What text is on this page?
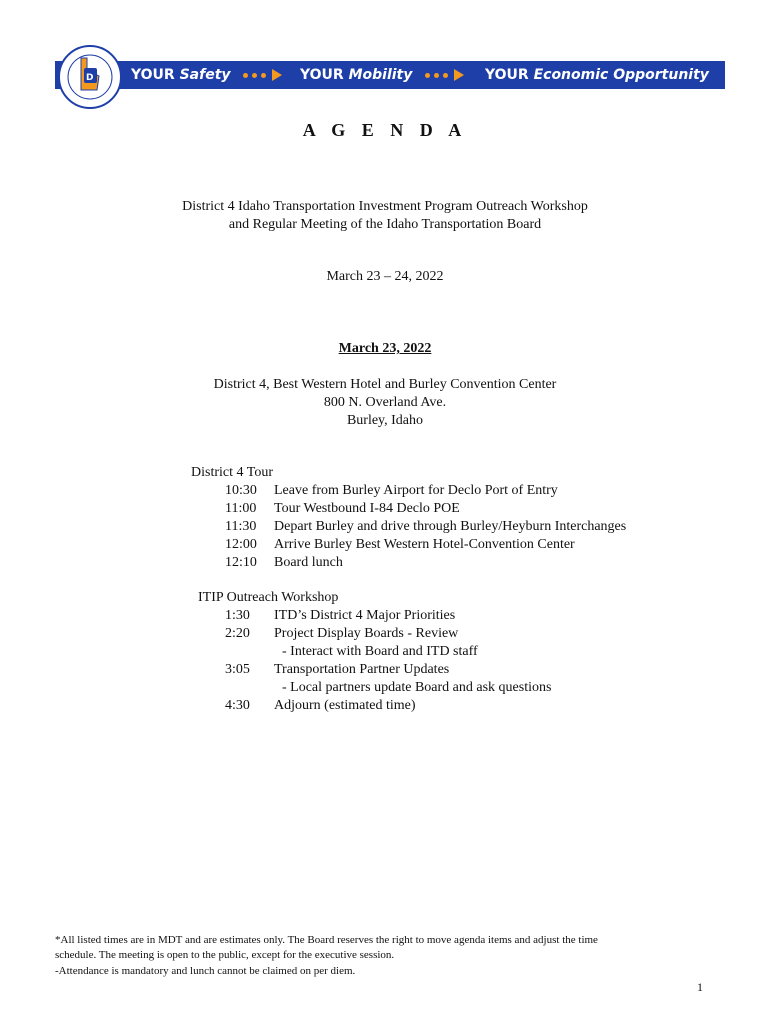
YOUR Safety	YOUR Mobility	YOUR Economic Opportunity
D
A G E N D A
District 4 Idaho Transportation Investment Program Outreach Workshop
and Regular Meeting of the Idaho Transportation Board
March 23 – 24, 2022
March 23, 2022
District 4, Best Western Hotel and Burley Convention Center
800 N. Overland Ave.
Burley, Idaho
District 4 Tour
10:30 Leave from Burley Airport for Declo Port of Entry
11:00 Tour Westbound I-84 Declo POE
11:30 Depart Burley and drive through Burley/Heyburn Interchanges
12:00 Arrive Burley Best Western Hotel-Convention Center
12:10 Board lunch
ITIP Outreach Workshop
1:30 ITD’s District 4 Major Priorities
2:20 Project Display Boards - Review
- Interact with Board and ITD staff
3:05 Transportation Partner Updates
- Local partners update Board and ask questions
4:30 Adjourn (estimated time)
*All listed times are in MDT and are estimates only. The Board reserves the right to move agenda items and adjust the time
schedule. The meeting is open to the public, except for the executive session.
-Attendance is mandatory and lunch cannot be claimed on per diem.
1
